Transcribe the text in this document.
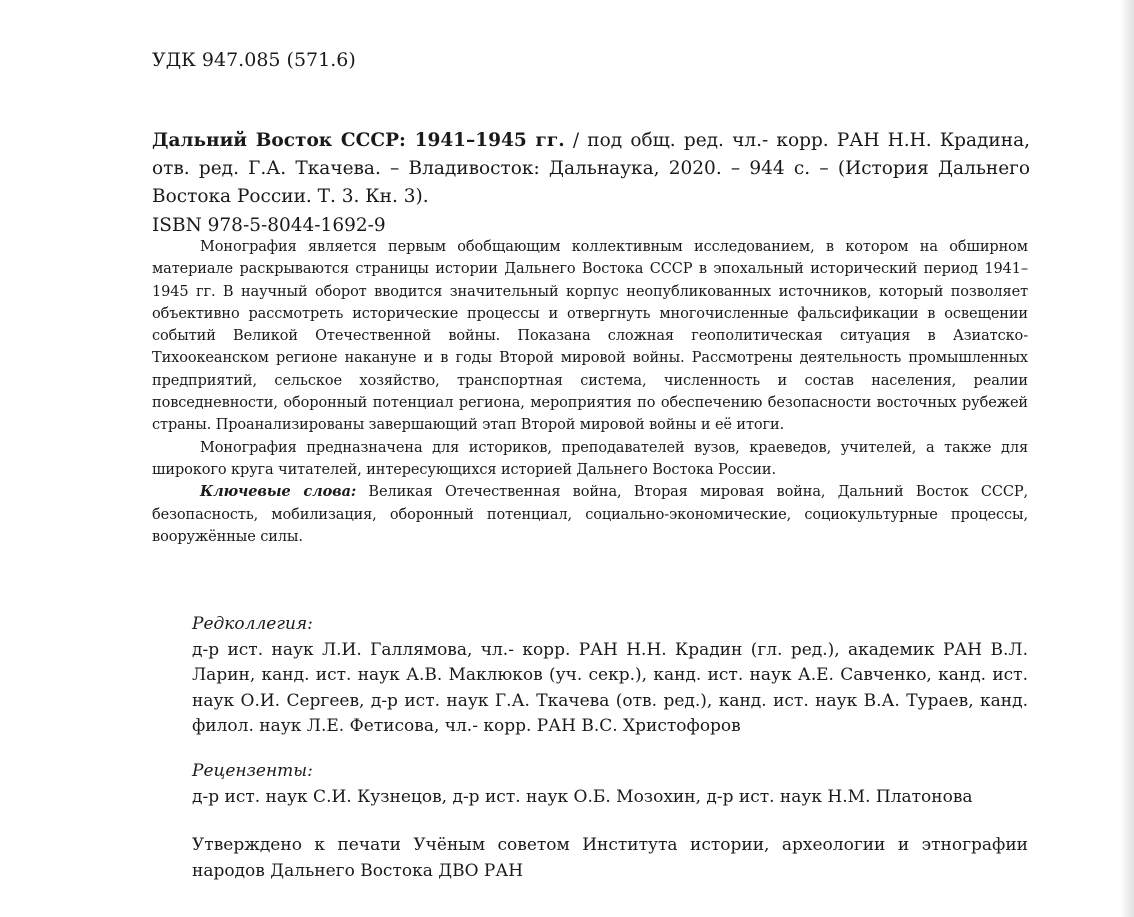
УДК 947.085 (571.6)
Дальний Восток СССР: 1941–1945 гг. / под общ. ред. чл.- корр. РАН Н.Н. Крадина, отв. ред. Г.А. Ткачева. – Владивосток: Дальнаука, 2020. – 944 с. – (История Дальнего Востока России. Т. 3. Кн. 3).
ISBN 978-5-8044-1692-9

Монография является первым обобщающим коллективным исследованием, в котором на обширном материале раскрываются страницы истории Дальнего Востока СССР в эпохальный исторический период 1941–1945 гг. В научный оборот вводится значительный корпус неопубликованных источников, который позволяет объективно рассмотреть исторические процессы и отвергнуть многочисленные фальсификации в освещении событий Великой Отечественной войны. Показана сложная геополитическая ситуация в Азиатско-Тихоокеанском регионе накануне и в годы Второй мировой войны. Рассмотрены деятельность промышленных предприятий, сельское хозяйство, транспортная система, численность и состав населения, реалии повседневности, оборонный потенциал региона, мероприятия по обеспечению безопасности восточных рубежей страны. Проанализированы завершающий этап Второй мировой войны и её итоги.

Монография предназначена для историков, преподавателей вузов, краеведов, учителей, а также для широкого круга читателей, интересующихся историей Дальнего Востока России.

Ключевые слова: Великая Отечественная война, Вторая мировая война, Дальний Восток СССР, безопасность, мобилизация, оборонный потенциал, социально-экономические, социокультурные процессы, вооружённые силы.

Редколлегия:
д-р ист. наук Л.И. Галлямова, чл.- корр. РАН Н.Н. Крадин (гл. ред.), академик РАН В.Л. Ларин, канд. ист. наук А.В. Маклюков (уч. секр.), канд. ист. наук А.Е. Савченко, канд. ист. наук О.И. Сергеев, д-р ист. наук Г.А. Ткачева (отв. ред.), канд. ист. наук В.А. Тураев, канд. филол. наук Л.Е. Фетисова, чл.- корр. РАН В.С. Христофоров
Рецензенты:
д-р ист. наук С.И. Кузнецов, д-р ист. наук О.Б. Мозохин, д-р ист. наук Н.М. Платонова
Утверждено к печати Учёным советом Института истории, археологии и этнографии народов Дальнего Востока ДВО РАН
